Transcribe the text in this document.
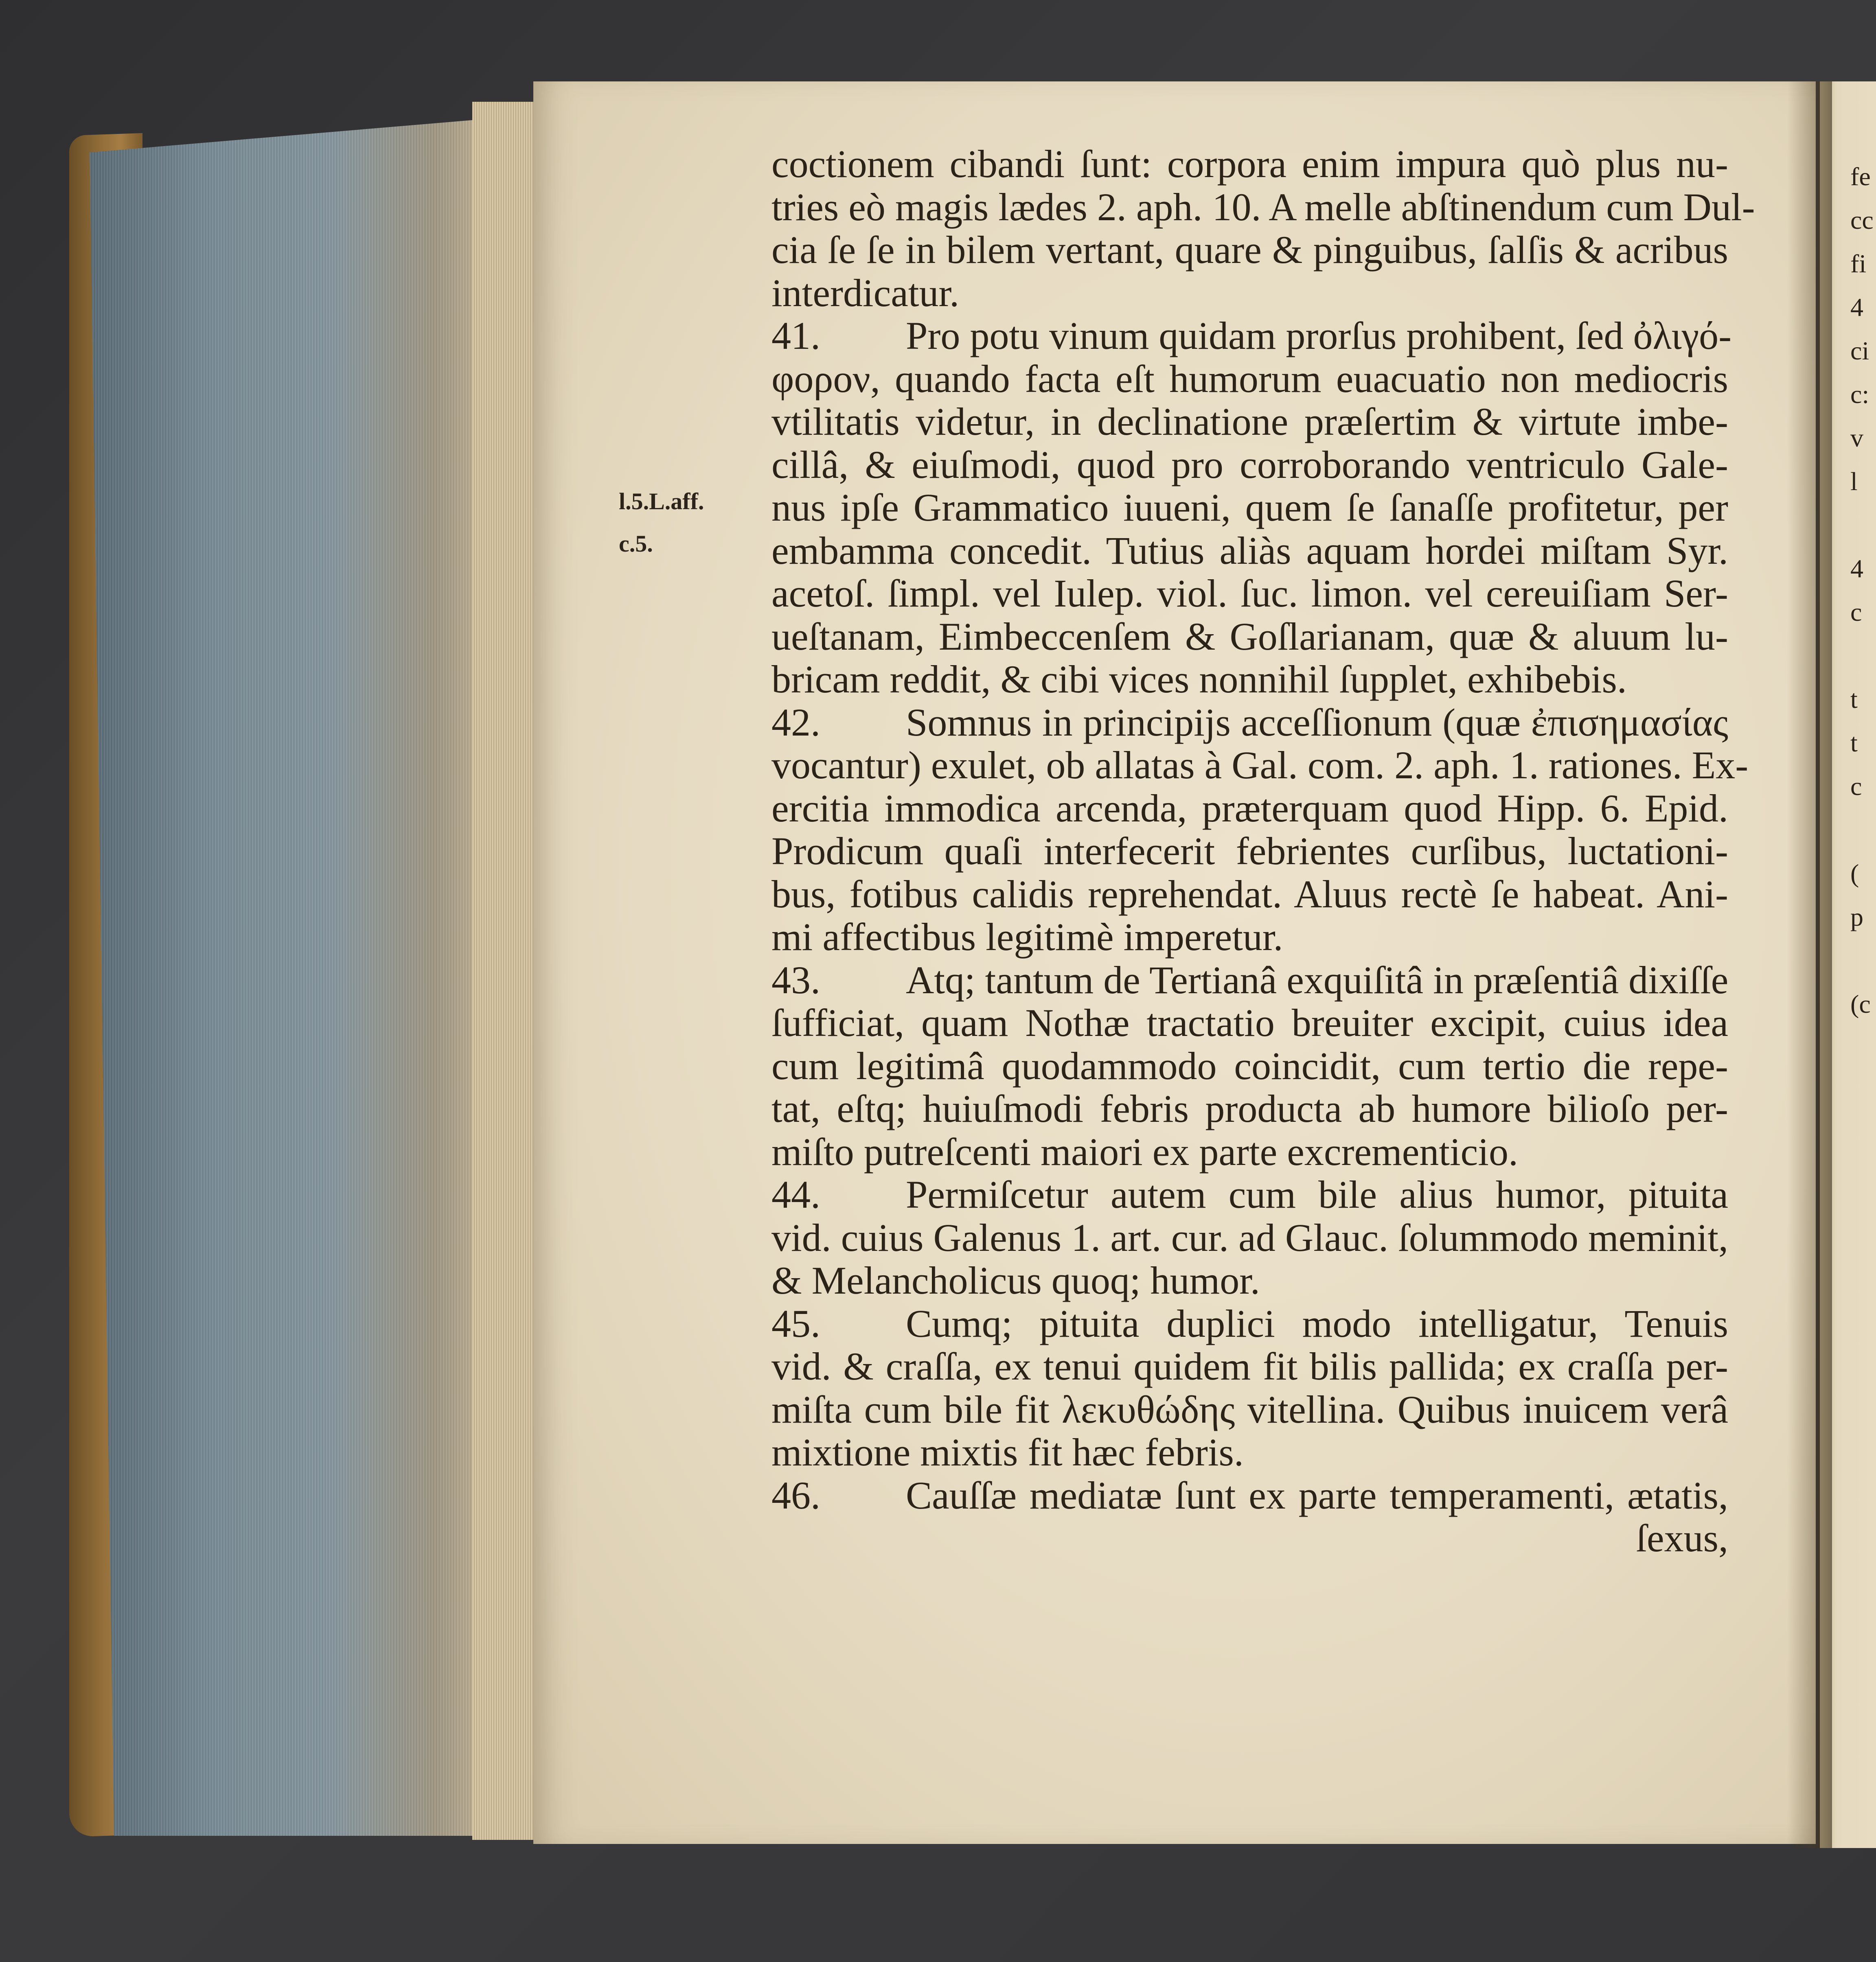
fe
cc
fi
4
ci
c:
v
l
4
c
t
t
c
(
p
(c
l.5.L.aff.
c.5.
coctionem cibandi ſunt: corpora enim impura quò plus nu-
tries eò magis lædes 2. aph. 10. A melle abſtinendum cum Dul-
cia ſe ſe in bilem vertant, quare & pinguibus, ſalſis & acribus
interdicatur.
41. Pro potu vinum quidam prorſus prohibent, ſed ὀλιγό-
φορον, quando facta eſt humorum euacuatio non mediocris
vtilitatis videtur, in declinatione præſertim & virtute imbe-
cillâ, & eiuſmodi, quod pro corroborando ventriculo Gale-
nus ipſe Grammatico iuueni, quem ſe ſanaſſe profitetur, per
embamma concedit. Tutius aliàs aquam hordei miſtam Syr.
acetoſ. ſimpl. vel Iulep. viol. ſuc. limon. vel cereuiſiam Ser-
ueſtanam, Eimbeccenſem & Goſlarianam, quæ & aluum lu-
bricam reddit, & cibi vices nonnihil ſupplet, exhibebis.
42. Somnus in principijs acceſſionum (quæ ἐπισημασίας
vocantur) exulet, ob allatas à Gal. com. 2. aph. 1. rationes. Ex-
ercitia immodica arcenda, præterquam quod Hipp. 6. Epid.
Prodicum quaſi interfecerit febrientes curſibus, luctationi-
bus, fotibus calidis reprehendat. Aluus rectè ſe habeat. Ani-
mi affectibus legitimè imperetur.
43. Atq; tantum de Tertianâ exquiſitâ in præſentiâ dixiſſe
ſufficiat, quam Nothæ tractatio breuiter excipit, cuius idea
cum legitimâ quodammodo coincidit, cum tertio die repe-
tat, eſtq; huiuſmodi febris producta ab humore bilioſo per-
miſto putreſcenti maiori ex parte excrementicio.
44. Permiſcetur autem cum bile alius humor, pituita
vid. cuius Galenus 1. art. cur. ad Glauc. ſolummodo meminit,
& Melancholicus quoq; humor.
45. Cumq; pituita duplici modo intelligatur, Tenuis
vid. & craſſa, ex tenui quidem fit bilis pallida; ex craſſa per-
miſta cum bile fit λεκυθώδης vitellina. Quibus inuicem verâ
mixtione mixtis fit hæc febris.
46. Cauſſæ mediatæ ſunt ex parte temperamenti, ætatis,
ſexus,
